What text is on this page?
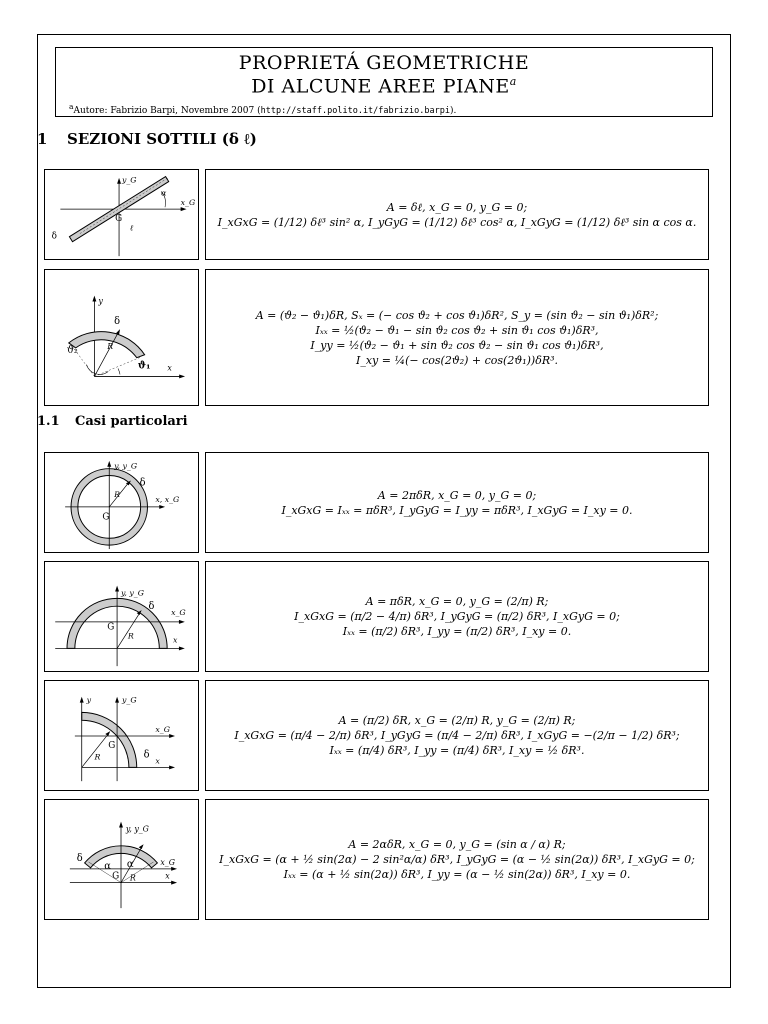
PROPRIETÁ GEOMETRICHE
DI ALCUNE AREE PIANE$^a$
$^a$Autore: Fabrizio Barpi, Novembre 2007 (http://staff.polito.it/fabrizio.barpi).
1 SEZIONI SOTTILI (δ ℓ)
y_G
α
x_G
G
ℓ
δ
A = δℓ, x_G = 0, y_G = 0;
I_xGxG = (1/12) δℓ³ sin² α, I_yGyG = (1/12) δℓ³ cos² α, I_xGyG = (1/12) δℓ³ sin α cos α.
y
δ
ϑ₂	R
ϑ₁ x
A = (ϑ₂ − ϑ₁)δR, Sₓ = (− cos ϑ₂ + cos ϑ₁)δR², S_y = (sin ϑ₂ − sin ϑ₁)δR²;
Iₓₓ = ½(ϑ₂ − ϑ₁ − sin ϑ₂ cos ϑ₂ + sin ϑ₁ cos ϑ₁)δR³,
I_yy = ½(ϑ₂ − ϑ₁ + sin ϑ₂ cos ϑ₂ − sin ϑ₁ cos ϑ₁)δR³,
I_xy = ¼(− cos(2ϑ₂) + cos(2ϑ₁))δR³.
1.1 Casi particolari
y, y_G
δ
R
x, x_G
G
A = 2πδR, x_G = 0, y_G = 0;
I_xGxG = Iₓₓ = πδR³, I_yGyG = I_yy = πδR³, I_xGyG = I_xy = 0.
y, y_G
δ
x_G
G
R	x
A = πδR, x_G = 0, y_G = (2/π) R;
I_xGxG = (π/2 − 4/π) δR³, I_yGyG = (π/2) δR³, I_xGyG = 0;
Iₓₓ = (π/2) δR³, I_yy = (π/2) δR³, I_xy = 0.
y	y_G
x_G
G
R	δ
x
A = (π/2) δR, x_G = (2/π) R, y_G = (2/π) R;
I_xGxG = (π/4 − 2/π) δR³, I_yGyG = (π/4 − 2/π) δR³, I_xGyG = −(2/π − 1/2) δR³;
Iₓₓ = (π/4) δR³, I_yy = (π/4) δR³, I_xy = ½ δR³.
y, y_G
δ
α α	x_G
G R	x
A = 2αδR, x_G = 0, y_G = (sin α / α) R;
I_xGxG = (α + ½ sin(2α) − 2 sin²α/α) δR³, I_yGyG = (α − ½ sin(2α)) δR³, I_xGyG = 0;
Iₓₓ = (α + ½ sin(2α)) δR³, I_yy = (α − ½ sin(2α)) δR³, I_xy = 0.
